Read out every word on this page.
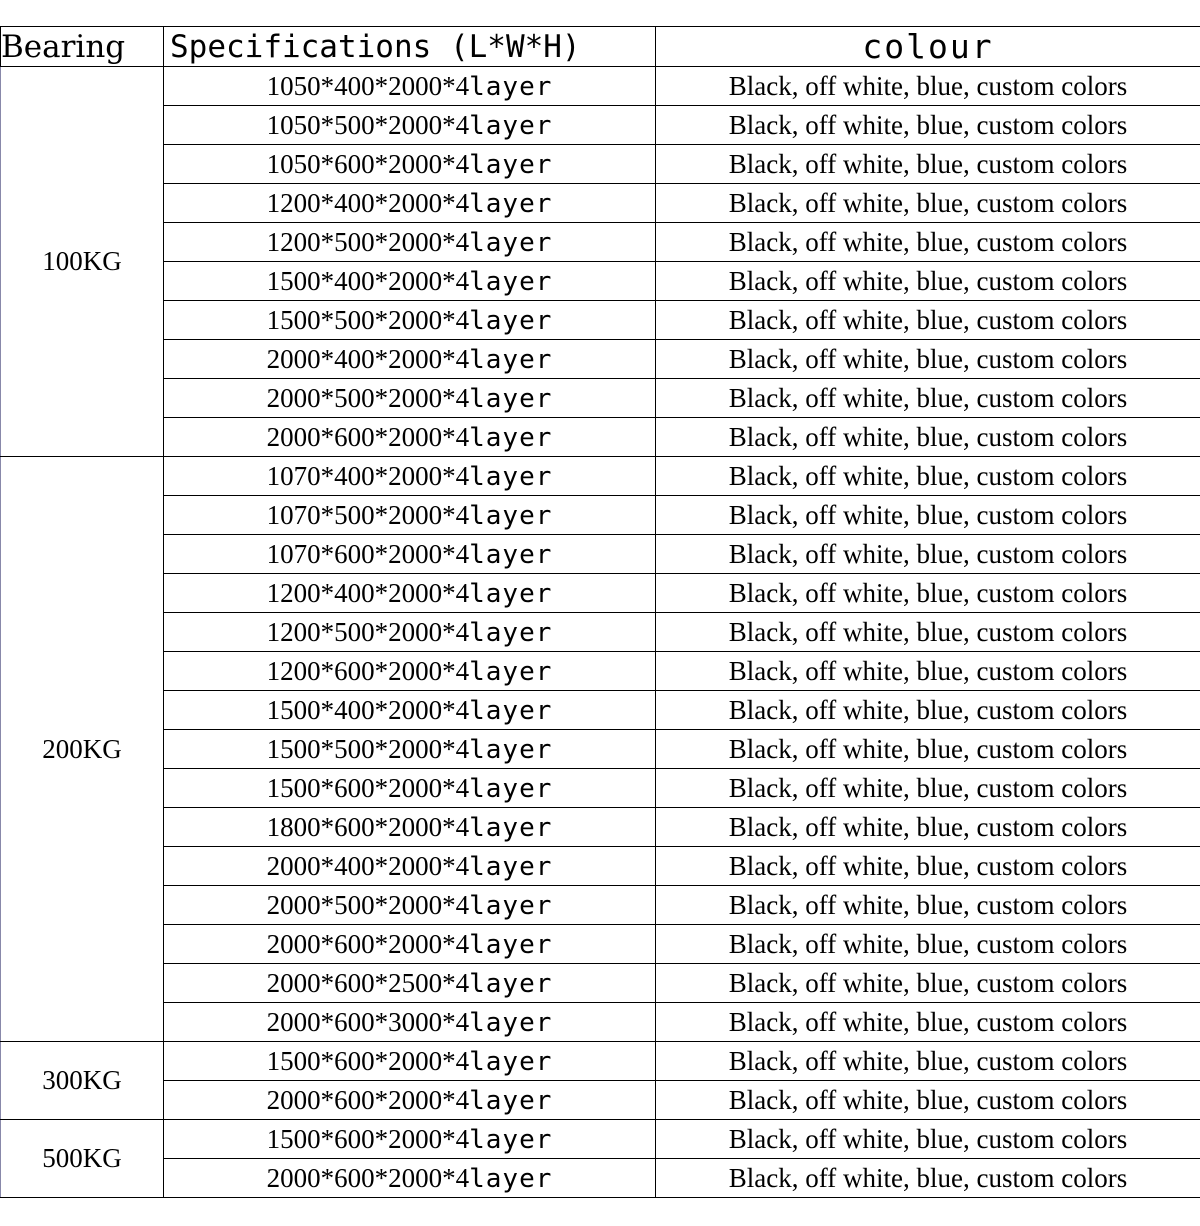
Bearing	Specifications (L*W*H)	colour
100KG	1050*400*2000*4layer	Black, off white, blue, custom colors
	1050*500*2000*4layer	Black, off white, blue, custom colors
	1050*600*2000*4layer	Black, off white, blue, custom colors
	1200*400*2000*4layer	Black, off white, blue, custom colors
	1200*500*2000*4layer	Black, off white, blue, custom colors
	1500*400*2000*4layer	Black, off white, blue, custom colors
	1500*500*2000*4layer	Black, off white, blue, custom colors
	2000*400*2000*4layer	Black, off white, blue, custom colors
	2000*500*2000*4layer	Black, off white, blue, custom colors
	2000*600*2000*4layer	Black, off white, blue, custom colors
200KG	1070*400*2000*4layer	Black, off white, blue, custom colors
	1070*500*2000*4layer	Black, off white, blue, custom colors
	1070*600*2000*4layer	Black, off white, blue, custom colors
	1200*400*2000*4layer	Black, off white, blue, custom colors
	1200*500*2000*4layer	Black, off white, blue, custom colors
	1200*600*2000*4layer	Black, off white, blue, custom colors
	1500*400*2000*4layer	Black, off white, blue, custom colors
	1500*500*2000*4layer	Black, off white, blue, custom colors
	1500*600*2000*4layer	Black, off white, blue, custom colors
	1800*600*2000*4layer	Black, off white, blue, custom colors
	2000*400*2000*4layer	Black, off white, blue, custom colors
	2000*500*2000*4layer	Black, off white, blue, custom colors
	2000*600*2000*4layer	Black, off white, blue, custom colors
	2000*600*2500*4layer	Black, off white, blue, custom colors
	2000*600*3000*4layer	Black, off white, blue, custom colors
300KG	1500*600*2000*4layer	Black, off white, blue, custom colors
	2000*600*2000*4layer	Black, off white, blue, custom colors
500KG	1500*600*2000*4layer	Black, off white, blue, custom colors
	2000*600*2000*4layer	Black, off white, blue, custom colors
